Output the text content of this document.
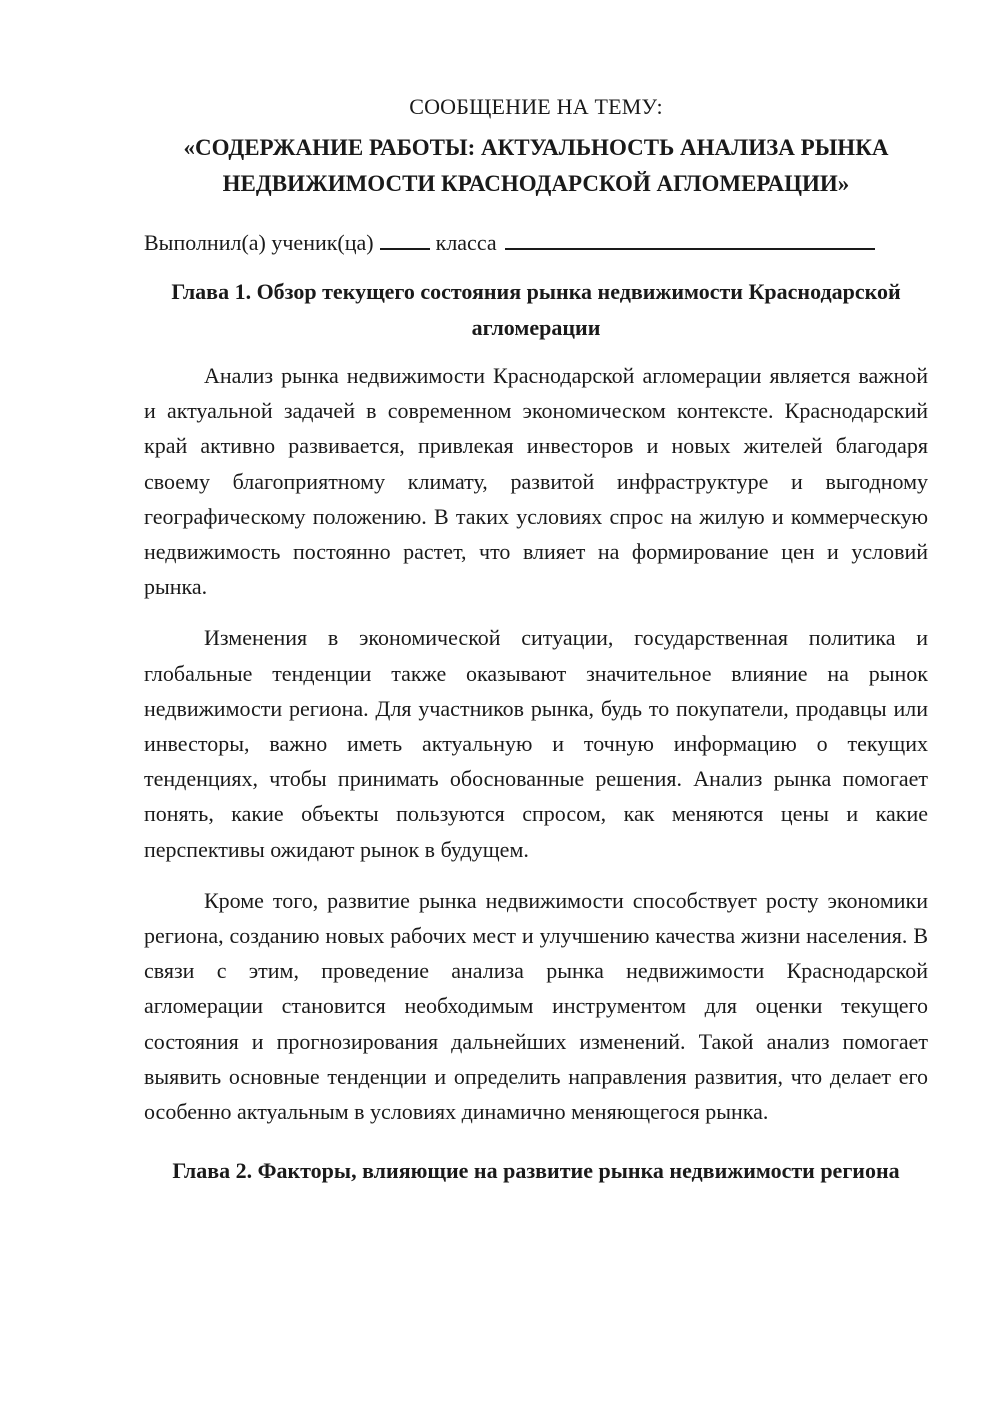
СООБЩЕНИЕ НА ТЕМУ:

«СОДЕРЖАНИЕ РАБОТЫ: АКТУАЛЬНОСТЬ АНАЛИЗА РЫНКА
НЕДВИЖИМОСТИ КРАСНОДАРСКОЙ АГЛОМЕРАЦИИ»

Выполнил(а) ученик(ца)	класса

Глава 1. Обзор текущего состояния рынка недвижимости Краснодарской агломерации

Анализ рынка недвижимости Краснодарской агломерации является важной и актуальной задачей в современном экономическом контексте. Краснодарский край активно развивается, привлекая инвесторов и новых жителей благодаря своему благоприятному климату, развитой инфраструктуре и выгодному географическому положению. В таких условиях спрос на жилую и коммерческую недвижимость постоянно растет, что влияет на формирование цен и условий рынка.

Изменения в экономической ситуации, государственная политика и глобальные тенденции также оказывают значительное влияние на рынок недвижимости региона. Для участников рынка, будь то покупатели, продавцы или инвесторы, важно иметь актуальную и точную информацию о текущих тенденциях, чтобы принимать обоснованные решения. Анализ рынка помогает понять, какие объекты пользуются спросом, как меняются цены и какие перспективы ожидают рынок в будущем.

Кроме того, развитие рынка недвижимости способствует росту экономики региона, созданию новых рабочих мест и улучшению качества жизни населения. В связи с этим, проведение анализа рынка недвижимости Краснодарской агломерации становится необходимым инструментом для оценки текущего состояния и прогнозирования дальнейших изменений. Такой анализ помогает выявить основные тенденции и определить направления развития, что делает его особенно актуальным в условиях динамично меняющегося рынка.

Глава 2. Факторы, влияющие на развитие рынка недвижимости региона
